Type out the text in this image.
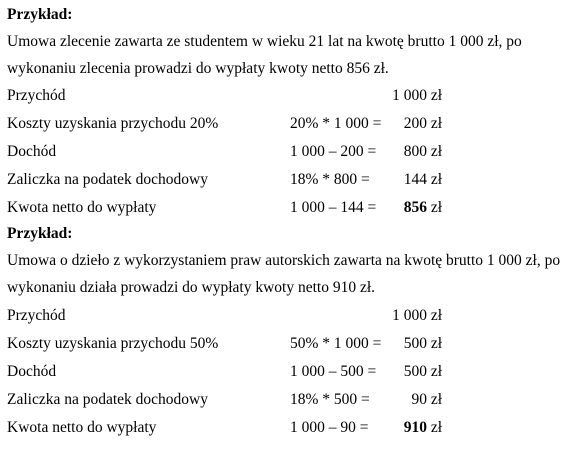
Przykład:
Umowa zlecenie zawarta ze studentem w wieku 21 lat na kwotę brutto 1 000 zł, po
wykonaniu zlecenia prowadzi do wypłaty kwoty netto 856 zł.
Przychód	1 000 zł
Koszty uzyskania przychodu 20%	20% * 1 000 = 200 zł
Dochód	1 000 – 200 = 800 zł
Zaliczka na podatek dochodowy	18% * 800 = 144 zł
Kwota netto do wypłaty	1 000 – 144 = 856 zł
Przykład:
Umowa o dzieło z wykorzystaniem praw autorskich zawarta na kwotę brutto 1 000 zł, po
wykonaniu działa prowadzi do wypłaty kwoty netto 910 zł.
Przychód	1 000 zł
Koszty uzyskania przychodu 50%	50% * 1 000 = 500 zł
Dochód	1 000 – 500 = 500 zł
Zaliczka na podatek dochodowy	18% * 500 =	90 zł
Kwota netto do wypłaty	1 000 – 90 = 910 zł
